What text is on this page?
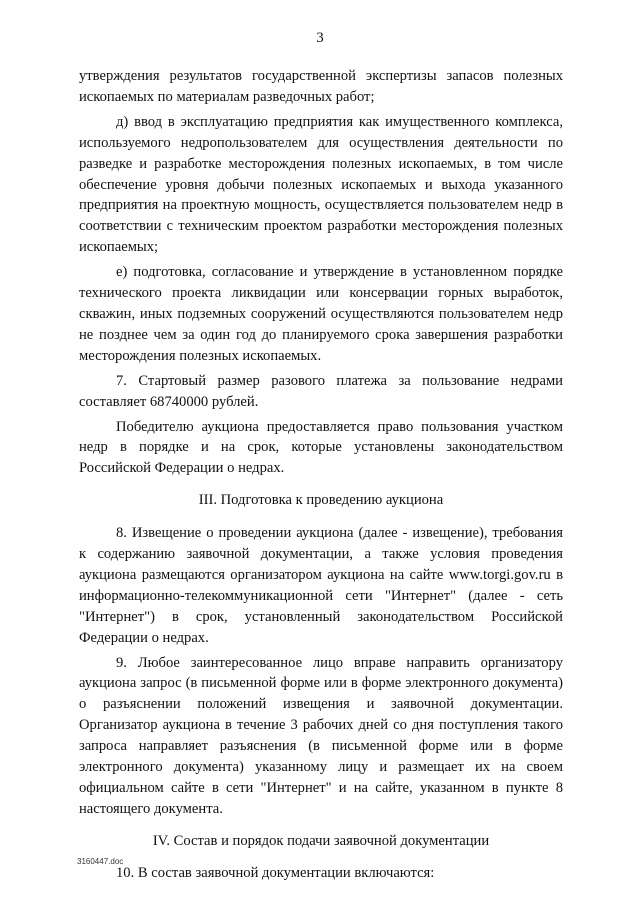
3

утверждения результатов государственной экспертизы запасов полезных ископаемых по материалам разведочных работ;

д) ввод в эксплуатацию предприятия как имущественного комплекса, используемого недропользователем для осуществления деятельности по разведке и разработке месторождения полезных ископаемых, в том числе обеспечение уровня добычи полезных ископаемых и выхода указанного предприятия на проектную мощность, осуществляется пользователем недр в соответствии с техническим проектом разработки месторождения полезных ископаемых;

е) подготовка, согласование и утверждение в установленном порядке технического проекта ликвидации или консервации горных выработок, скважин, иных подземных сооружений осуществляются пользователем недр не позднее чем за один год до планируемого срока завершения разработки месторождения полезных ископаемых.

7. Стартовый размер разового платежа за пользование недрами составляет 68740000 рублей.

Победителю аукциона предоставляется право пользования участком недр в порядке и на срок, которые установлены законодательством Российской Федерации о недрах.

III. Подготовка к проведению аукциона

8. Извещение о проведении аукциона (далее - извещение), требования к содержанию заявочной документации, а также условия проведения аукциона размещаются организатором аукциона на сайте www.torgi.gov.ru в информационно-телекоммуникационной сети "Интернет" (далее - сеть "Интернет") в срок, установленный законодательством Российской Федерации о недрах.

9. Любое заинтересованное лицо вправе направить организатору аукциона запрос (в письменной форме или в форме электронного документа) о разъяснении положений извещения и заявочной документации. Организатор аукциона в течение 3 рабочих дней со дня поступления такого запроса направляет разъяснения (в письменной форме или в форме электронного документа) указанному лицу и размещает их на своем официальном сайте в сети "Интернет" и на сайте, указанном в пункте 8 настоящего документа.

IV. Состав и порядок подачи заявочной документации

10. В состав заявочной документации включаются:

3160447.doc
